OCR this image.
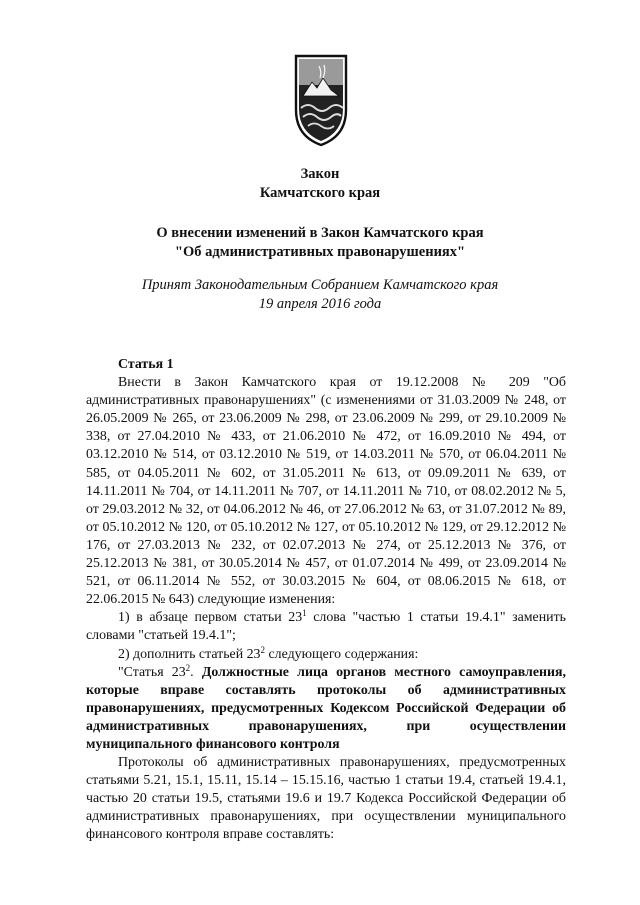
Закон
Камчатского края
О внесении изменений в Закон Камчатского края
"Об административных правонарушениях"
Принят Законодательным Собранием Камчатского края
19 апреля 2016 года
Статья 1

Внести в Закон Камчатского края от 19.12.2008 № 209 "Об административных правонарушениях" (с изменениями от 31.03.2009 № 248, от 26.05.2009 № 265, от 23.06.2009 № 298, от 23.06.2009 № 299, от 29.10.2009 № 338, от 27.04.2010 № 433, от 21.06.2010 № 472, от 16.09.2010 № 494, от 03.12.2010 № 514, от 03.12.2010 № 519, от 14.03.2011 № 570, от 06.04.2011 № 585, от 04.05.2011 № 602, от 31.05.2011 № 613, от 09.09.2011 № 639, от 14.11.2011 № 704, от 14.11.2011 № 707, от 14.11.2011 № 710, от 08.02.2012 № 5, от 29.03.2012 № 32, от 04.06.2012 № 46, от 27.06.2012 № 63, от 31.07.2012 № 89, от 05.10.2012 № 120, от 05.10.2012 № 127, от 05.10.2012 № 129, от 29.12.2012 № 176, от 27.03.2013 № 232, от 02.07.2013 № 274, от 25.12.2013 № 376, от 25.12.2013 № 381, от 30.05.2014 № 457, от 01.07.2014 № 499, от 23.09.2014 № 521, от 06.11.2014 № 552, от 30.03.2015 № 604, от 08.06.2015 № 618, от 22.06.2015 № 643) следующие изменения:

1) в абзаце первом статьи $23^1$ слова "частью 1 статьи 19.4.1" заменить словами "статьей 19.4.1";

2) дополнить статьей $23^2$ следующего содержания:

"Статья $23^2$. Должностные лица органов местного самоуправления, которые вправе составлять протоколы об административных правонарушениях, предусмотренных Кодексом Российской Федерации об административных правонарушениях, при осуществлении муниципального финансового контроля

Протоколы об административных правонарушениях, предусмотренных статьями 5.21, 15.1, 15.11, 15.14 – 15.15.16, частью 1 статьи 19.4, статьей 19.4.1, частью 20 статьи 19.5, статьями 19.6 и 19.7 Кодекса Российской Федерации об административных правонарушениях, при осуществлении муниципального финансового контроля вправе составлять:
